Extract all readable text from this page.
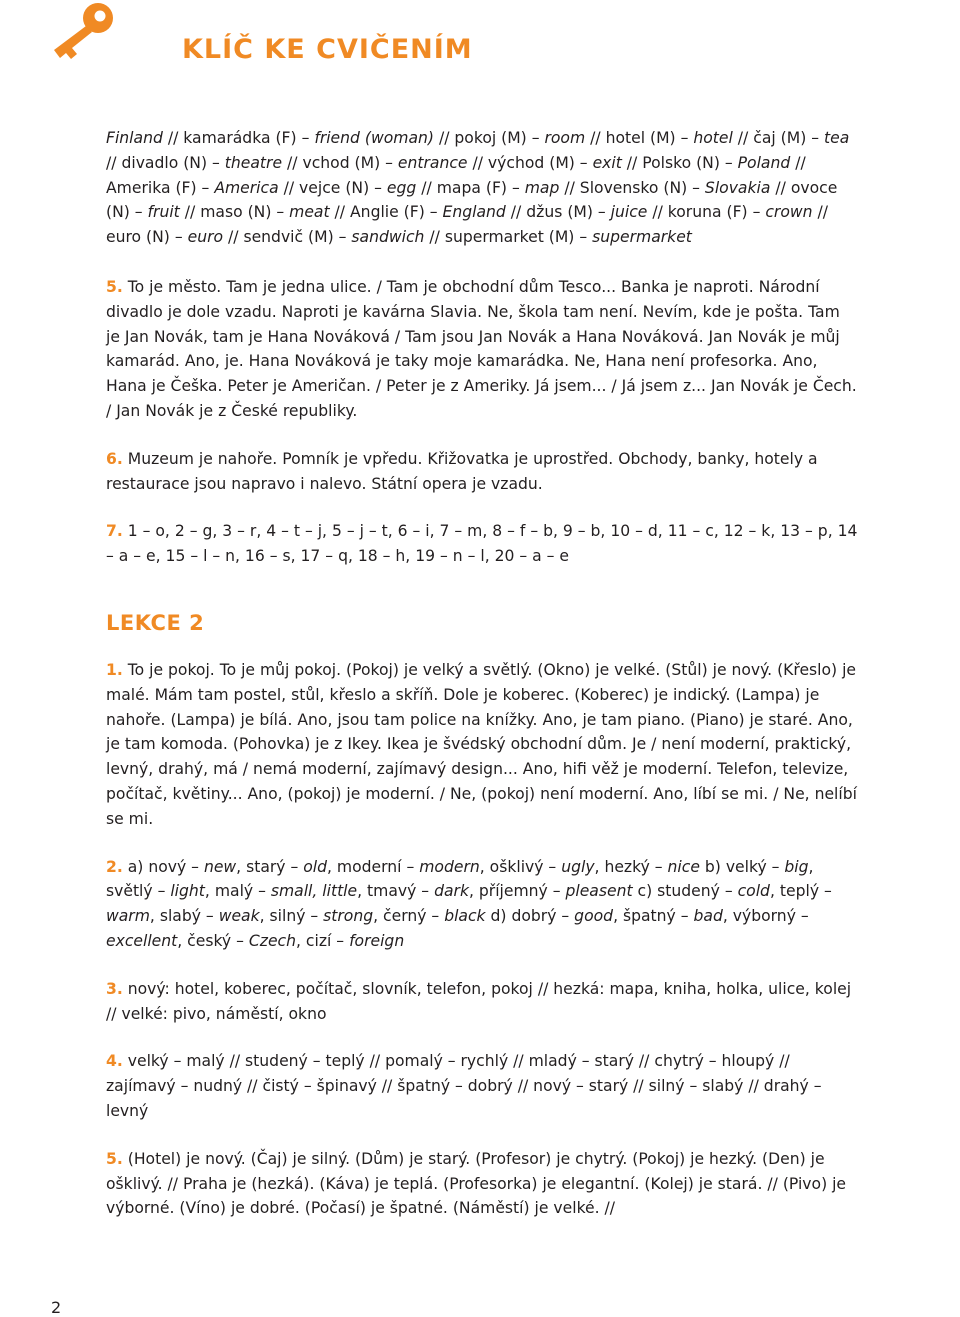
KLÍČ KE CVIČENÍM

Finland // kamarádka (F) – friend (woman) // pokoj (M) – room // hotel (M) – hotel // čaj (M) – tea // divadlo (N) – theatre // vchod (M) – entrance // východ (M) – exit // Polsko (N) – Poland // Amerika (F) – America // vejce (N) – egg // mapa (F) – map // Slovensko (N) – Slovakia // ovoce (N) – fruit // maso (N) – meat // Anglie (F) – England // džus (M) – juice // koruna (F) – crown // euro (N) – euro // sendvič (M) – sandwich // supermarket (M) – supermarket

5. To je město. Tam je jedna ulice. / Tam je obchodní dům Tesco... Banka je naproti. Národní divadlo je dole vzadu. Naproti je kavárna Slavia. Ne, škola tam není. Nevím, kde je pošta. Tam je Jan Novák, tam je Hana Nováková / Tam jsou Jan Novák a Hana Nováková. Jan Novák je můj kamarád. Ano, je. Hana Nováková je taky moje kamarádka. Ne, Hana není profesorka. Ano, Hana je Češka. Peter je Američan. / Peter je z Ameriky. Já jsem... / Já jsem z... Jan Novák je Čech. / Jan Novák je z České republiky.

6. Muzeum je nahoře. Pomník je vpředu. Křižovatka je uprostřed. Obchody, banky, hotely a restaurace jsou napravo i nalevo. Státní opera je vzadu.

7. 1 – o, 2 – g, 3 – r, 4 – t – j, 5 – j – t, 6 – i, 7 – m, 8 – f – b, 9 – b, 10 – d, 11 – c, 12 – k, 13 – p, 14 – a – e, 15 – l – n, 16 – s, 17 – q, 18 – h, 19 – n – l, 20 – a – e

LEKCE 2

1. To je pokoj. To je můj pokoj. (Pokoj) je velký a světlý. (Okno) je velké. (Stůl) je nový. (Křeslo) je malé. Mám tam postel, stůl, křeslo a skříň. Dole je koberec. (Koberec) je indický. (Lampa) je nahoře. (Lampa) je bílá. Ano, jsou tam police na knížky. Ano, je tam piano. (Piano) je staré. Ano, je tam komoda. (Pohovka) je z Ikey. Ikea je švédský obchodní dům. Je / není moderní, praktický, levný, drahý, má / nemá moderní, zajímavý design... Ano, hifi věž je moderní. Telefon, televize, počítač, květiny... Ano, (pokoj) je moderní. / Ne, (pokoj) není moderní. Ano, líbí se mi. / Ne, nelíbí se mi.

2. a) nový – new, starý – old, moderní – modern, ošklivý – ugly, hezký – nice b) velký – big, světlý – light, malý – small, little, tmavý – dark, příjemný – pleasent c) studený – cold, teplý – warm, slabý – weak, silný – strong, černý – black d) dobrý – good, špatný – bad, výborný – excellent, český – Czech, cizí – foreign

3. nový: hotel, koberec, počítač, slovník, telefon, pokoj // hezká: mapa, kniha, holka, ulice, kolej // velké: pivo, náměstí, okno

4. velký – malý // studený – teplý // pomalý – rychlý // mladý – starý // chytrý – hloupý // zajímavý – nudný // čistý – špinavý // špatný – dobrý // nový – starý // silný – slabý // drahý – levný

5. (Hotel) je nový. (Čaj) je silný. (Dům) je starý. (Profesor) je chytrý. (Pokoj) je hezký. (Den) je ošklivý. // Praha je (hezká). (Káva) je teplá. (Profesorka) je elegantní. (Kolej) je stará. // (Pivo) je výborné. (Víno) je dobré. (Počasí) je špatné. (Náměstí) je velké. //

2
